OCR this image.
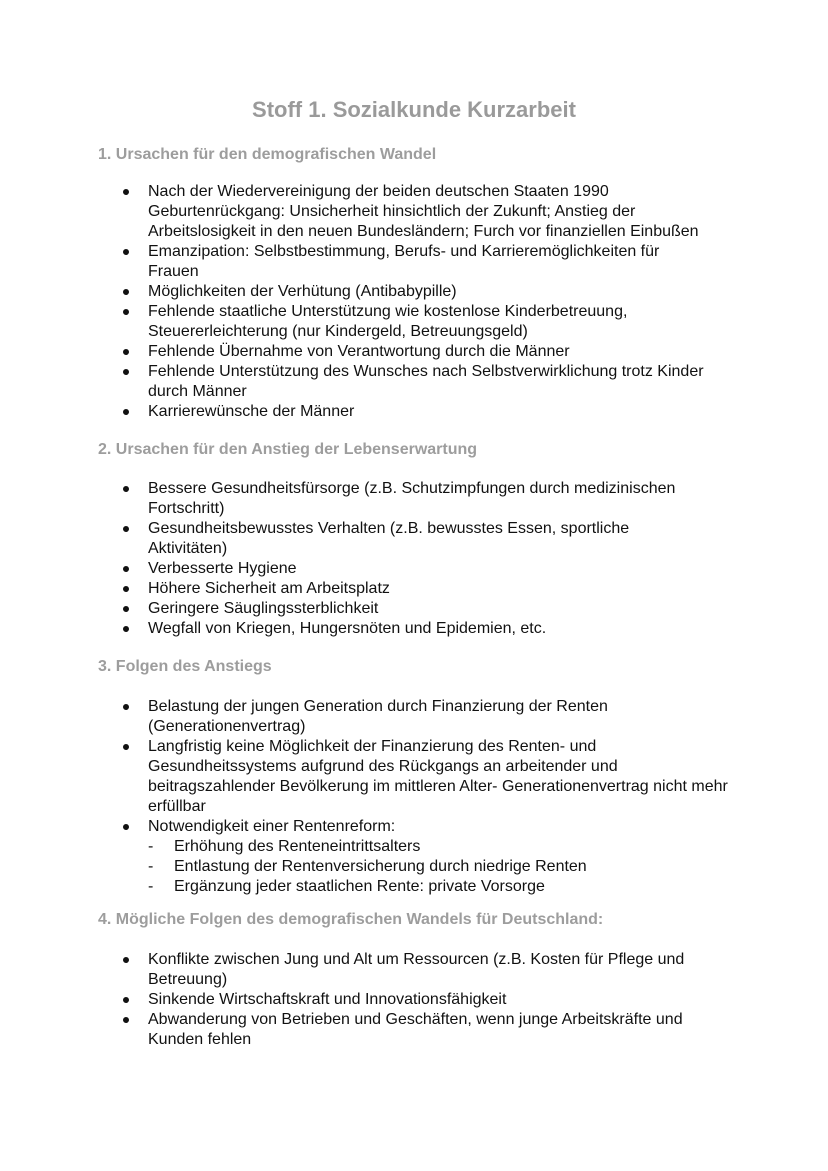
Stoff 1. Sozialkunde Kurzarbeit
1. Ursachen für den demografischen Wandel
Nach der Wiedervereinigung der beiden deutschen Staaten 1990 Geburtenrückgang: Unsicherheit hinsichtlich der Zukunft; Anstieg der Arbeitslosigkeit in den neuen Bundesländern; Furch vor finanziellen Einbußen
Emanzipation: Selbstbestimmung, Berufs- und Karrieremöglichkeiten für Frauen
Möglichkeiten der Verhütung (Antibabypille)
Fehlende staatliche Unterstützung wie kostenlose Kinderbetreuung, Steuererleichterung (nur Kindergeld, Betreuungsgeld)
Fehlende Übernahme von Verantwortung durch die Männer
Fehlende Unterstützung des Wunsches nach Selbstverwirklichung trotz Kinder durch Männer
Karrierewünsche der Männer
2. Ursachen für den Anstieg der Lebenserwartung
Bessere Gesundheitsfürsorge (z.B. Schutzimpfungen durch medizinischen Fortschritt)
Gesundheitsbewusstes Verhalten (z.B. bewusstes Essen, sportliche Aktivitäten)
Verbesserte Hygiene
Höhere Sicherheit am Arbeitsplatz
Geringere Säuglingssterblichkeit
Wegfall von Kriegen, Hungersnöten und Epidemien, etc.
3. Folgen des Anstiegs
Belastung der jungen Generation durch Finanzierung der Renten (Generationenvertrag)
Langfristig keine Möglichkeit der Finanzierung des Renten- und Gesundheitssystems aufgrund des Rückgangs an arbeitender und beitragszahlender Bevölkerung im mittleren Alter- Generationenvertrag nicht mehr erfüllbar
Notwendigkeit einer Rentenreform:
- Erhöhung des Renteneintrittsalters
- Entlastung der Rentenversicherung durch niedrige Renten
- Ergänzung jeder staatlichen Rente: private Vorsorge
4. Mögliche Folgen des demografischen Wandels für Deutschland:
Konflikte zwischen Jung und Alt um Ressourcen (z.B. Kosten für Pflege und Betreuung)
Sinkende Wirtschaftskraft und Innovationsfähigkeit
Abwanderung von Betrieben und Geschäften, wenn junge Arbeitskräfte und Kunden fehlen
